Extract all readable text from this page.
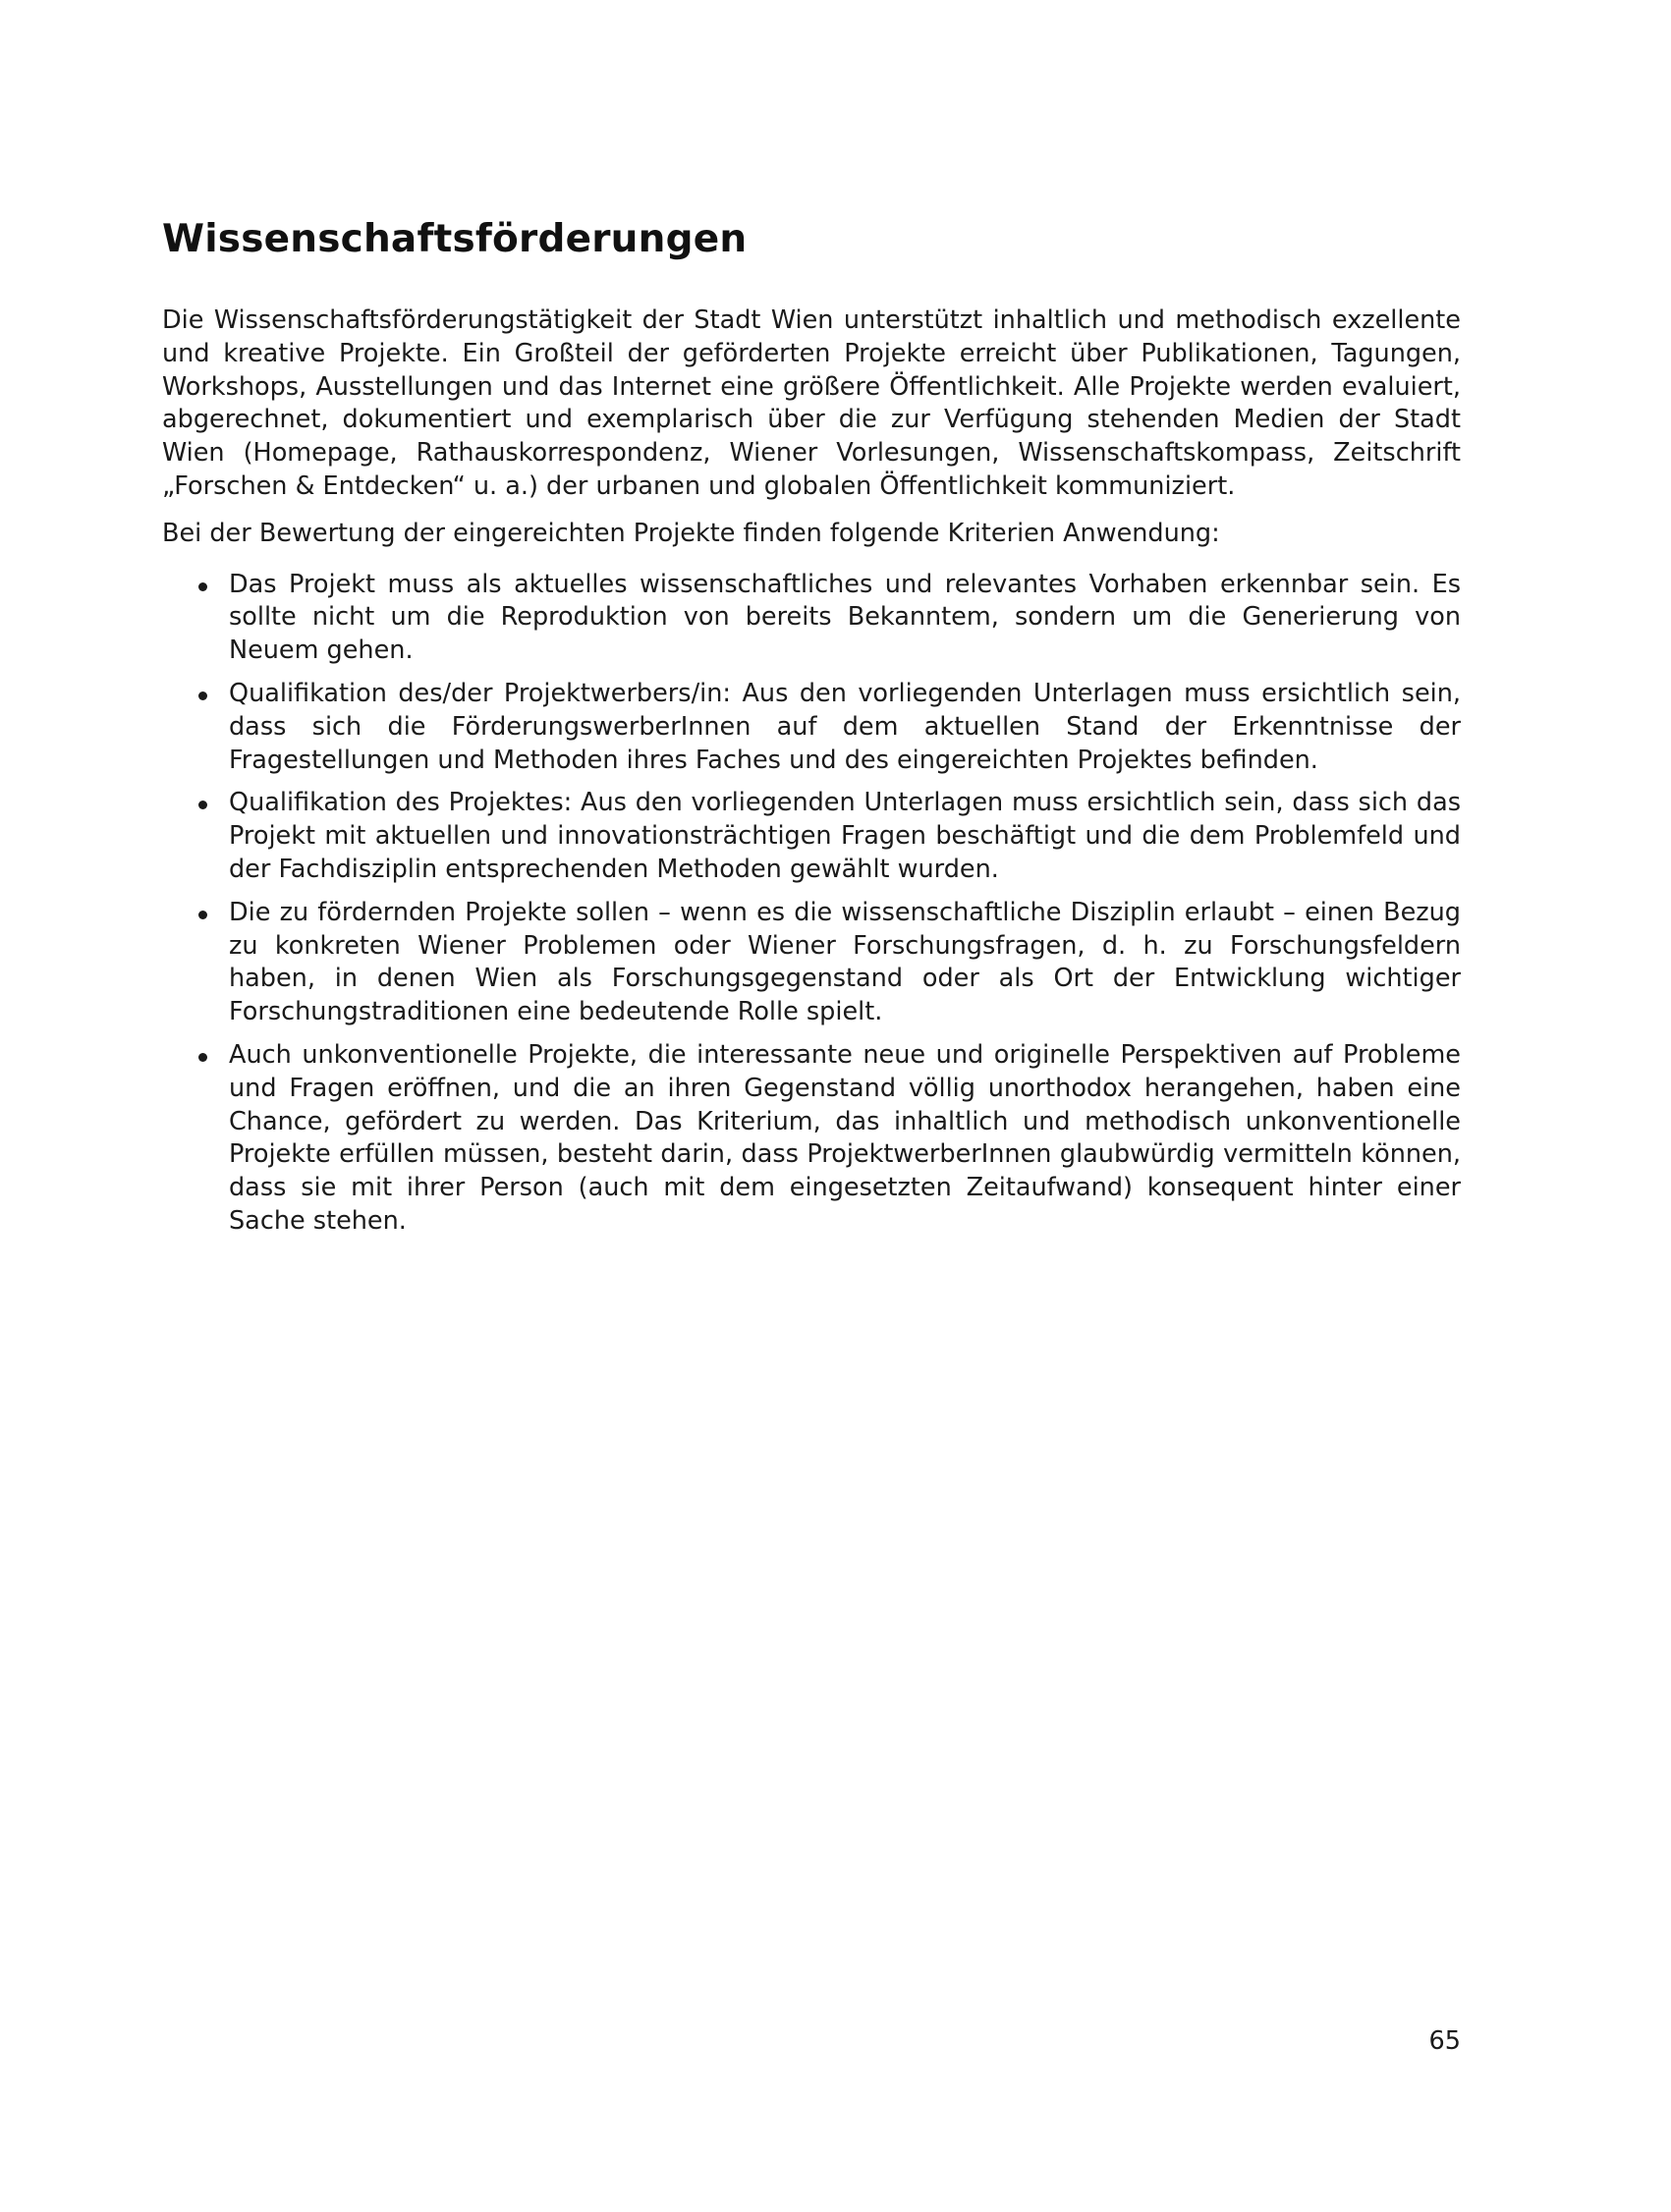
Wissenschaftsförderungen

Die Wissenschaftsförderungstätigkeit der Stadt Wien unterstützt inhaltlich und methodisch exzellente und kreative Projekte. Ein Großteil der geförderten Projekte erreicht über Publikationen, Tagungen, Workshops, Ausstellungen und das Internet eine größere Öffentlichkeit. Alle Projekte werden evaluiert, abgerechnet, dokumentiert und exemplarisch über die zur Verfügung stehenden Medien der Stadt Wien (Homepage, Rathauskorrespondenz, Wiener Vorlesungen, Wissenschaftskompass, Zeitschrift „Forschen & Entdecken“ u. a.) der urbanen und globalen Öffentlichkeit kommuniziert.

Bei der Bewertung der eingereichten Projekte finden folgende Kriterien Anwendung:

Das Projekt muss als aktuelles wissenschaftliches und relevantes Vorhaben erkennbar sein. Es sollte nicht um die Reproduktion von bereits Bekanntem, sondern um die Generierung von Neuem gehen.
Qualifikation des/der Projektwerbers/in: Aus den vorliegenden Unterlagen muss ersichtlich sein, dass sich die FörderungswerberInnen auf dem aktuellen Stand der Erkenntnisse der Fragestellungen und Methoden ihres Faches und des eingereichten Projektes befinden.
Qualifikation des Projektes: Aus den vorliegenden Unterlagen muss ersichtlich sein, dass sich das Projekt mit aktuellen und innovationsträchtigen Fragen beschäftigt und die dem Problemfeld und der Fachdisziplin entsprechenden Methoden gewählt wurden.
Die zu fördernden Projekte sollen – wenn es die wissenschaftliche Disziplin erlaubt – einen Bezug zu konkreten Wiener Problemen oder Wiener Forschungsfragen, d. h. zu Forschungsfeldern haben, in denen Wien als Forschungsgegenstand oder als Ort der Entwicklung wichtiger Forschungstraditionen eine bedeutende Rolle spielt.
Auch unkonventionelle Projekte, die interessante neue und originelle Perspektiven auf Probleme und Fragen eröffnen, und die an ihren Gegenstand völlig unorthodox herangehen, haben eine Chance, gefördert zu werden. Das Kriterium, das inhaltlich und methodisch unkonventionelle Projekte erfüllen müssen, besteht darin, dass ProjektwerberInnen glaubwürdig vermitteln können, dass sie mit ihrer Person (auch mit dem eingesetzten Zeitaufwand) konsequent hinter einer Sache stehen.
65
